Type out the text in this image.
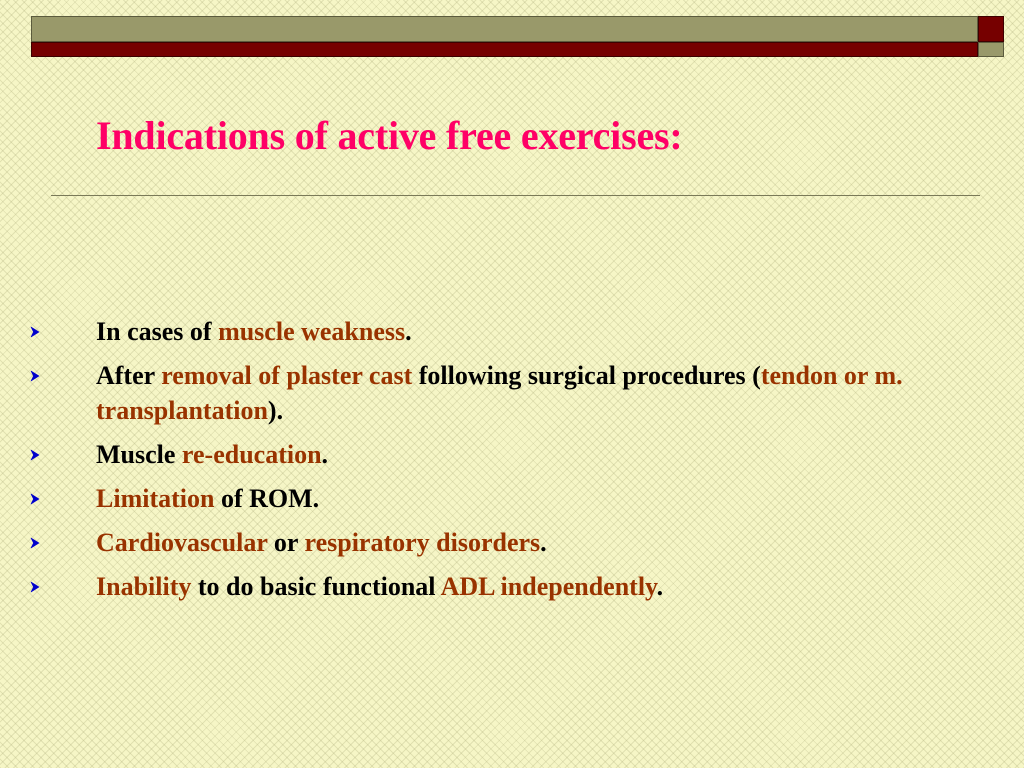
Indications of active free exercises:
In cases of muscle weakness.
After removal of plaster cast following surgical procedures (tendon or m. transplantation).
Muscle re-education.
Limitation of ROM.
Cardiovascular or respiratory disorders.
Inability to do basic functional ADL independently.
